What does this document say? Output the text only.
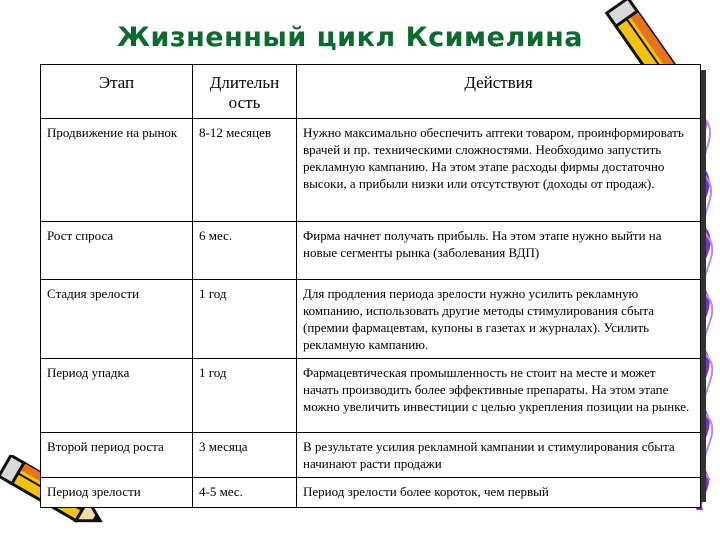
Жизненный цикл Ксимелина
Этап	Длительн ость	Действия
Продвижение на рынок	8-12 месяцев	Нужно максимально обеспечить аптеки товаром, проинформировать врачей и пр. техническими сложностями. Необходимо запустить рекламную кампанию. На этом этапе расходы фирмы достаточно высоки, а прибыли низки или отсутствуют (доходы от продаж).
Рост спроса	6 мес.	Фирма начнет получать прибыль. На этом этапе нужно выйти на новые сегменты рынка (заболевания ВДП)
Стадия зрелости	1 год	Для продления периода зрелости нужно усилить рекламную компанию, использовать другие методы стимулирования сбыта (премии фармацевтам, купоны в газетах и журналах). Усилить рекламную кампанию.
Период упадка	1 год	Фармацевтическая промышленность не стоит на месте и может начать производить более эффективные препараты. На этом этапе можно увеличить инвестиции с целью укрепления позиции на рынке.
Второй период роста	3 месяца	В результате усилия рекламной кампании и стимулирования сбыта начинают расти продажи
Период зрелости	4-5 мес.	Период зрелости более короток, чем первый
